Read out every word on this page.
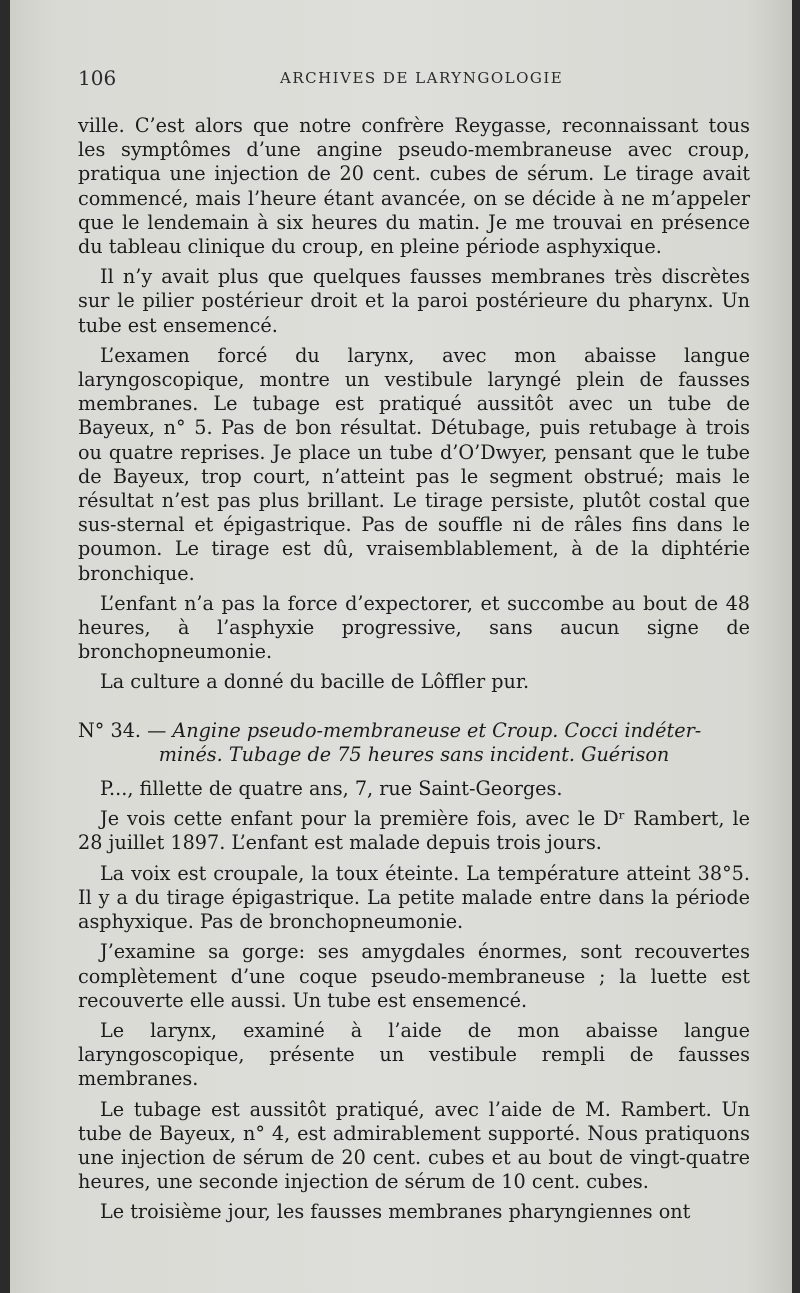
106	ARCHIVES DE LARYNGOLOGIE

ville. C’est alors que notre confrère Reygasse, reconnaissant tous les symptômes d’une angine pseudo-membraneuse avec croup, pratiqua une injection de 20 cent. cubes de sérum. Le tirage avait commencé, mais l’heure étant avancée, on se décide à ne m’appeler que le lendemain à six heures du matin. Je me trouvai en présence du tableau clinique du croup, en pleine période asphyxique.

Il n’y avait plus que quelques fausses membranes très discrètes sur le pilier postérieur droit et la paroi postérieure du pharynx. Un tube est ensemencé.

L’examen forcé du larynx, avec mon abaisse langue laryngoscopique, montre un vestibule laryngé plein de fausses membranes. Le tubage est pratiqué aussitôt avec un tube de Bayeux, n° 5. Pas de bon résultat. Détubage, puis retubage à trois ou quatre reprises. Je place un tube d’O’Dwyer, pensant que le tube de Bayeux, trop court, n’atteint pas le segment obstrué; mais le résultat n’est pas plus brillant. Le tirage persiste, plutôt costal que sus-sternal et épigastrique. Pas de souffle ni de râles fins dans le poumon. Le tirage est dû, vraisemblablement, à de la diphtérie bronchique.

L’enfant n’a pas la force d’expectorer, et succombe au bout de 48 heures, à l’asphyxie progressive, sans aucun signe de bronchopneumonie.

La culture a donné du bacille de Lôffler pur.

N° 34. — Angine pseudo-membraneuse et Croup. Cocci indéter-
minés. Tubage de 75 heures sans incident. Guérison

P..., fillette de quatre ans, 7, rue Saint-Georges.

Je vois cette enfant pour la première fois, avec le Dʳ Rambert, le 28 juillet 1897. L’enfant est malade depuis trois jours.

La voix est croupale, la toux éteinte. La température atteint 38°5. Il y a du tirage épigastrique. La petite malade entre dans la période asphyxique. Pas de bronchopneumonie.

J’examine sa gorge: ses amygdales énormes, sont recouvertes complètement d’une coque pseudo-membraneuse ; la luette est recouverte elle aussi. Un tube est ensemencé.

Le larynx, examiné à l’aide de mon abaisse langue laryngoscopique, présente un vestibule rempli de fausses membranes.

Le tubage est aussitôt pratiqué, avec l’aide de M. Rambert. Un tube de Bayeux, n° 4, est admirablement supporté. Nous pratiquons une injection de sérum de 20 cent. cubes et au bout de vingt-quatre heures, une seconde injection de sérum de 10 cent. cubes.

Le troisième jour, les fausses membranes pharyngiennes ont
